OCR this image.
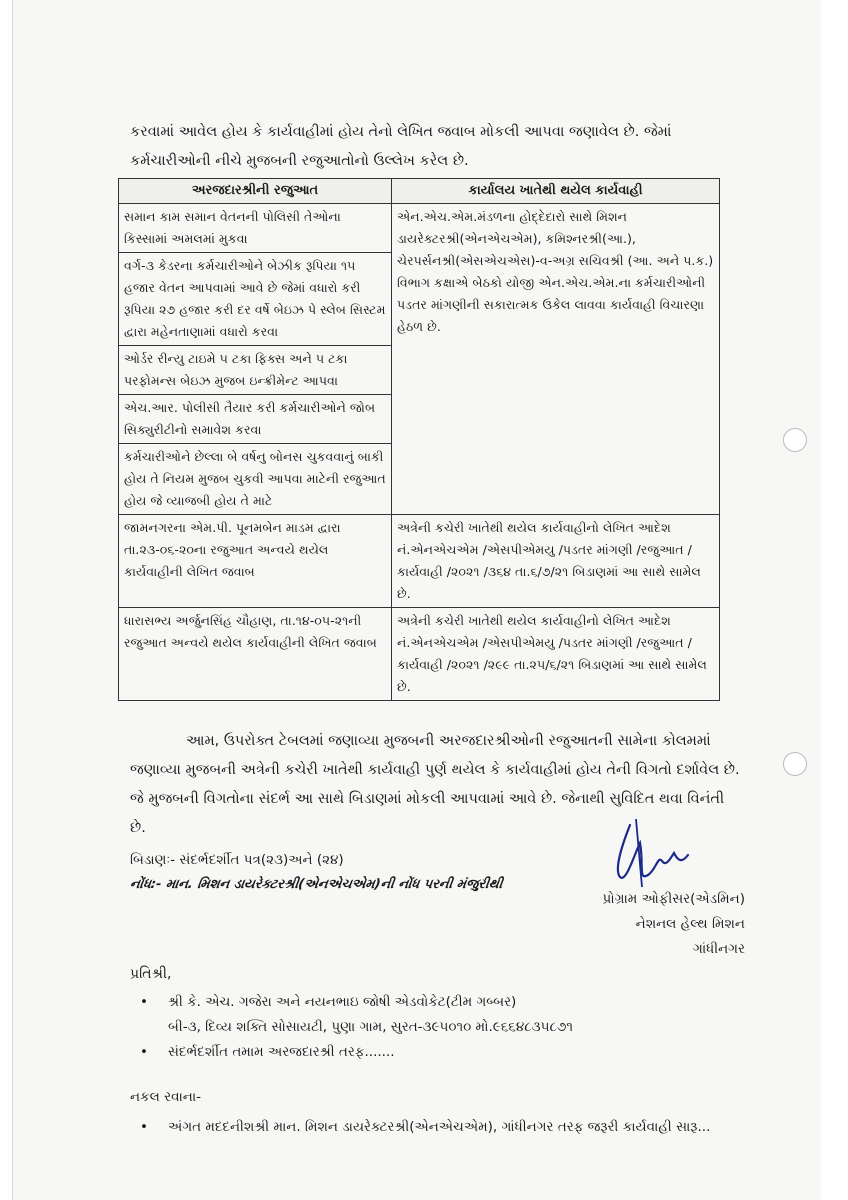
કરવામાં આવેલ હોય કે કાર્યવાહીમાં હોય તેનો લેખિત જવાબ મોકલી આપવા જણાવેલ છે. જેમાં
કર્મચારીઓની નીચે મુજબની રજુઆતોનો ઉલ્લેખ કરેલ છે.
અરજદારશ્રીની રજુઆત	કાર્યાલય ખાતેથી થયેલ કાર્યવાહી
સમાન કામ સમાન વેતનની પોલિસી તેઓના કિસ્સામાં અમલમાં મુકવા	એન.એચ.એમ.મંડળના હોદ્દેદારો સાથે મિશન ડાયરેક્ટરશ્રી(એનએચએમ), કમિશ્નરશ્રી(આ.), ચેરપર્સનશ્રી(એસએચએસ)-વ-અગ્ર સચિવશ્રી (આ. અને પ.ક.) વિભાગ કક્ષાએ બેઠકો યોજી એન.એચ.એમ.ના કર્મચારીઓની પડતર માંગણીની સકારાત્મક ઉકેલ લાવવા કાર્યવાહી વિચારણા હેઠળ છે.
વર્ગ-૩ કેડરના કર્મચારીઓને બેઝીક રૂપિયા ૧૫ હજાર વેતન આપવામાં આવે છે જેમાં વધારો કરી રૂપિયા ૨૭ હજાર કરી દર વર્ષે બેઇઝ પે સ્લેબ સિસ્ટમ દ્વારા મહેનતાણામાં વધારો કરવા	
ઓર્ડર રીન્યુ ટાઇમે ૫ ટકા ફિક્સ અને ૫ ટકા પરફોમન્સ બેઇઝ મુજબ ઇન્ક્રીમેન્ટ આપવા	
એચ.આર. પોલીસી તૈયાર કરી કર્મચારીઓને જોબ સિક્યુરીટીનો સમાવેશ કરવા	
કર્મચારીઓને છેલ્લા બે વર્ષનુ બોનસ ચુકવવાનું બાકી હોય તે નિયમ મુજબ ચુકવી આપવા માટેની રજુઆત હોય જે વ્યાજબી હોય તે માટે	
જામનગરના એમ.પી. પૂનમબેન માડમ દ્વારા તા.૨૩-૦૬-૨૦ના રજુઆત અન્વયે થયેલ કાર્યવાહીની લેખિત જવાબ	અત્રેની કચેરી ખાતેથી થયેલ કાર્યવાહીનો લેખિત આદેશ નં.એનએચએમ /એસપીએમયુ /પડતર માંગણી /રજુઆત /કાર્યવાહી /૨૦૨૧ /૩૬૪ તા.૬/૭/૨૧ બિડાણમાં આ સાથે સામેલ છે.
ધારાસભ્ય અર્જુનસિંહ ચૌહાણ, તા.૧૪-૦૫-૨૧ની રજુઆત અન્વયે થયેલ કાર્યવાહીની લેખિત જવાબ	અત્રેની કચેરી ખાતેથી થયેલ કાર્યવાહીનો લેખિત આદેશ નં.એનએચએમ /એસપીએમયુ /પડતર માંગણી /રજુઆત /કાર્યવાહી /૨૦૨૧ /૨૯૯ તા.૨૫/૬/૨૧ બિડાણમાં આ સાથે સામેલ છે.
આમ, ઉપરોક્ત ટેબલમાં જણાવ્યા મુજબની અરજદારશ્રીઓની રજુઆતની સામેના કોલમમાં જણાવ્યા મુજબની અત્રેની કચેરી ખાતેથી કાર્યવાહી પુર્ણ થયેલ કે કાર્યવાહીમાં હોય તેની વિગતો દર્શાવેલ છે. જે મુજબની વિગતોના સંદર્ભ આ સાથે બિડાણમાં મોકલી આપવામાં આવે છે. જેનાથી સુવિદિત થવા વિનંતી છે.
બિડાણઃ- સંદર્ભદર્શીત પત્ર(૨૩)અને (૨૪)
નોંધ:- માન. મિશન ડાયરેક્ટરશ્રી(એનએચએમ)ની નોંધ પરની મંજુરીથી
પ્રોગ્રામ ઓફીસર(એડમિન)
નેશનલ હેલ્થ મિશન
ગાંધીનગર
પ્રતિશ્રી,
• શ્રી કે. એચ. ગજેરા અને નયનભાઇ જોષી એડવોકેટ(ટીમ ગબ્બર)
બી-૩, દિવ્ય શક્તિ સોસાયટી, પુણા ગામ, સુરત-૩૯૫૦૧૦ મો.૯૬૬૪૮૩૫૮૭૧
• સંદર્ભદર્શીત તમામ અરજદારશ્રી તરફ.......
નકલ રવાના-
• અંગત મદદનીશશ્રી માન. મિશન ડાયરેક્ટરશ્રી(એનએચએમ), ગાંધીનગર તરફ જરૂરી કાર્યવાહી સારૂ...
